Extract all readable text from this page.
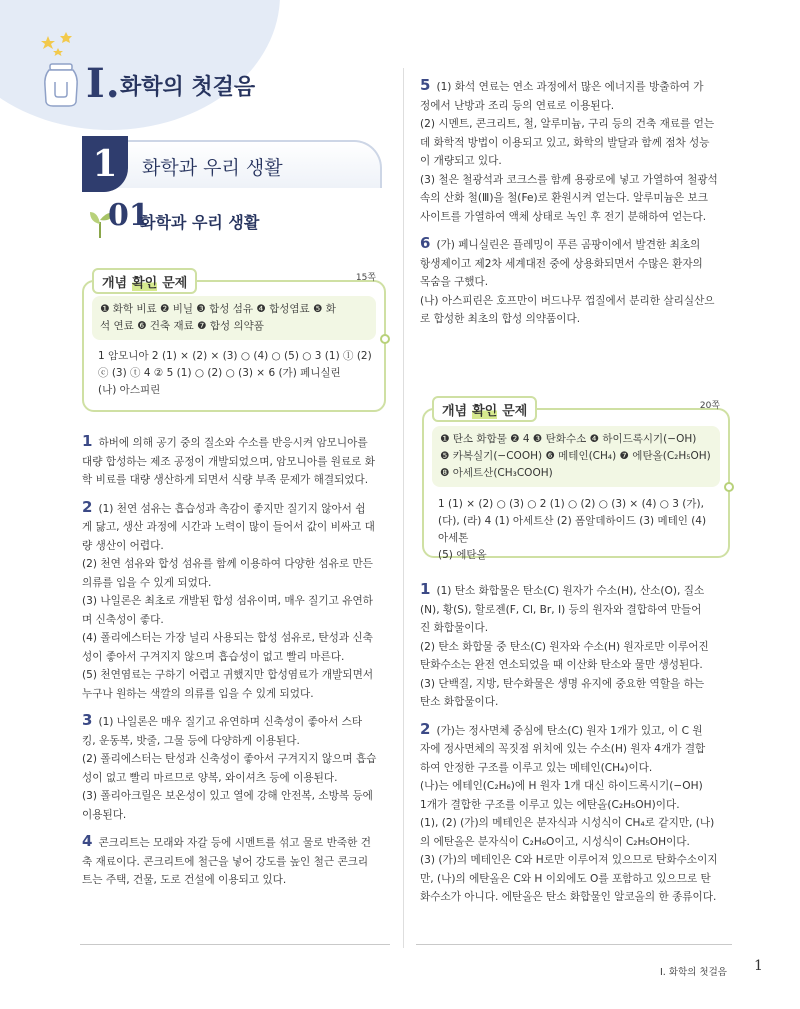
I. 화학의 첫걸음
1	화학과 우리 생활
01
화학과 우리 생활
개념 확인 문제	15쪽
❶ 화학 비료 ❷ 비닐 ❸ 합성 섬유 ❹ 합성염료 ❺ 화
석 연료 ❻ 건축 재료 ❼ 합성 의약품
1 암모니아 2 (1) × (2) × (3) ○ (4) ○ (5) ○ 3 (1) ⓛ (2)
ⓒ (3) ⓣ 4 ② 5 (1) ○ (2) ○ (3) × 6 (가) 페니실린
(나) 아스피린

1 하버에 의해 공기 중의 질소와 수소를 반응시켜 암모니아를

대량 합성하는 제조 공정이 개발되었으며, 암모니아를 원료로 화

학 비료를 대량 생산하게 되면서 식량 부족 문제가 해결되었다.

2 (1) 천연 섬유는 흡습성과 촉감이 좋지만 질기지 않아서 쉽

게 닳고, 생산 과정에 시간과 노력이 많이 들어서 값이 비싸고 대

량 생산이 어렵다.

(2) 천연 섬유와 합성 섬유를 함께 이용하여 다양한 섬유로 만든

의류를 입을 수 있게 되었다.

(3) 나일론은 최초로 개발된 합성 섬유이며, 매우 질기고 유연하

며 신축성이 좋다.

(4) 폴리에스터는 가장 널리 사용되는 합성 섬유로, 탄성과 신축

성이 좋아서 구겨지지 않으며 흡습성이 없고 빨리 마른다.

(5) 천연염료는 구하기 어렵고 귀했지만 합성염료가 개발되면서

누구나 원하는 색깔의 의류를 입을 수 있게 되었다.

3 (1) 나일론은 매우 질기고 유연하며 신축성이 좋아서 스타

킹, 운동복, 밧줄, 그물 등에 다양하게 이용된다.

(2) 폴리에스터는 탄성과 신축성이 좋아서 구겨지지 않으며 흡습

성이 없고 빨리 마르므로 양복, 와이셔츠 등에 이용된다.

(3) 폴리아크릴은 보온성이 있고 열에 강해 안전복, 소방복 등에

이용된다.

4 콘크리트는 모래와 자갈 등에 시멘트를 섞고 물로 반죽한 건

축 재료이다. 콘크리트에 철근을 넣어 강도를 높인 철근 콘크리

트는 주택, 건물, 도로 건설에 이용되고 있다.

5 (1) 화석 연료는 연소 과정에서 많은 에너지를 방출하여 가

정에서 난방과 조리 등의 연료로 이용된다.

(2) 시멘트, 콘크리트, 철, 알루미늄, 구리 등의 건축 재료를 얻는

데 화학적 방법이 이용되고 있고, 화학의 발달과 함께 점차 성능

이 개량되고 있다.

(3) 철은 철광석과 코크스를 함께 용광로에 넣고 가열하여 철광석

속의 산화 철(Ⅲ)을 철(Fe)로 환원시켜 얻는다. 알루미늄은 보크

사이트를 가열하여 액체 상태로 녹인 후 전기 분해하여 얻는다.

6 (가) 페니실린은 플레밍이 푸른 곰팡이에서 발견한 최초의

항생제이고 제2차 세계대전 중에 상용화되면서 수많은 환자의

목숨을 구했다.

(나) 아스피린은 호프만이 버드나무 껍질에서 분리한 살리실산으

로 합성한 최초의 합성 의약품이다.

개념 확인 문제	20쪽
❶ 탄소 화합물 ❷ 4 ❸ 탄화수소 ❹ 하이드록시기(−OH)
❺ 카복실기(−COOH) ❻ 메테인(CH₄) ❼ 에탄올(C₂H₅OH)
❽ 아세트산(CH₃COOH)
1 (1) × (2) ○ (3) ○ 2 (1) ○ (2) ○ (3) × (4) ○ 3 (가),
(다), (라) 4 (1) 아세트산 (2) 폼알데하이드 (3) 메테인 (4) 아세톤
(5) 에탄올

1 (1) 탄소 화합물은 탄소(C) 원자가 수소(H), 산소(O), 질소

(N), 황(S), 할로젠(F, Cl, Br, I) 등의 원자와 결합하여 만들어

진 화합물이다.

(2) 탄소 화합물 중 탄소(C) 원자와 수소(H) 원자로만 이루어진

탄화수소는 완전 연소되었을 때 이산화 탄소와 물만 생성된다.

(3) 단백질, 지방, 탄수화물은 생명 유지에 중요한 역할을 하는

탄소 화합물이다.

2 (가)는 정사면체 중심에 탄소(C) 원자 1개가 있고, 이 C 원

자에 정사면체의 꼭짓점 위치에 있는 수소(H) 원자 4개가 결합

하여 안정한 구조를 이루고 있는 메테인(CH₄)이다.

(나)는 에테인(C₂H₆)에 H 원자 1개 대신 하이드록시기(−OH)

1개가 결합한 구조를 이루고 있는 에탄올(C₂H₅OH)이다.

(1), (2) (가)의 메테인은 분자식과 시성식이 CH₄로 같지만, (나)

의 에탄올은 분자식이 C₂H₆O이고, 시성식이 C₂H₅OH이다.

(3) (가)의 메테인은 C와 H로만 이루어져 있으므로 탄화수소이지

만, (나)의 에탄올은 C와 H 이외에도 O를 포함하고 있으므로 탄

화수소가 아니다. 에탄올은 탄소 화합물인 알코올의 한 종류이다.

I. 화학의 첫걸음 1
